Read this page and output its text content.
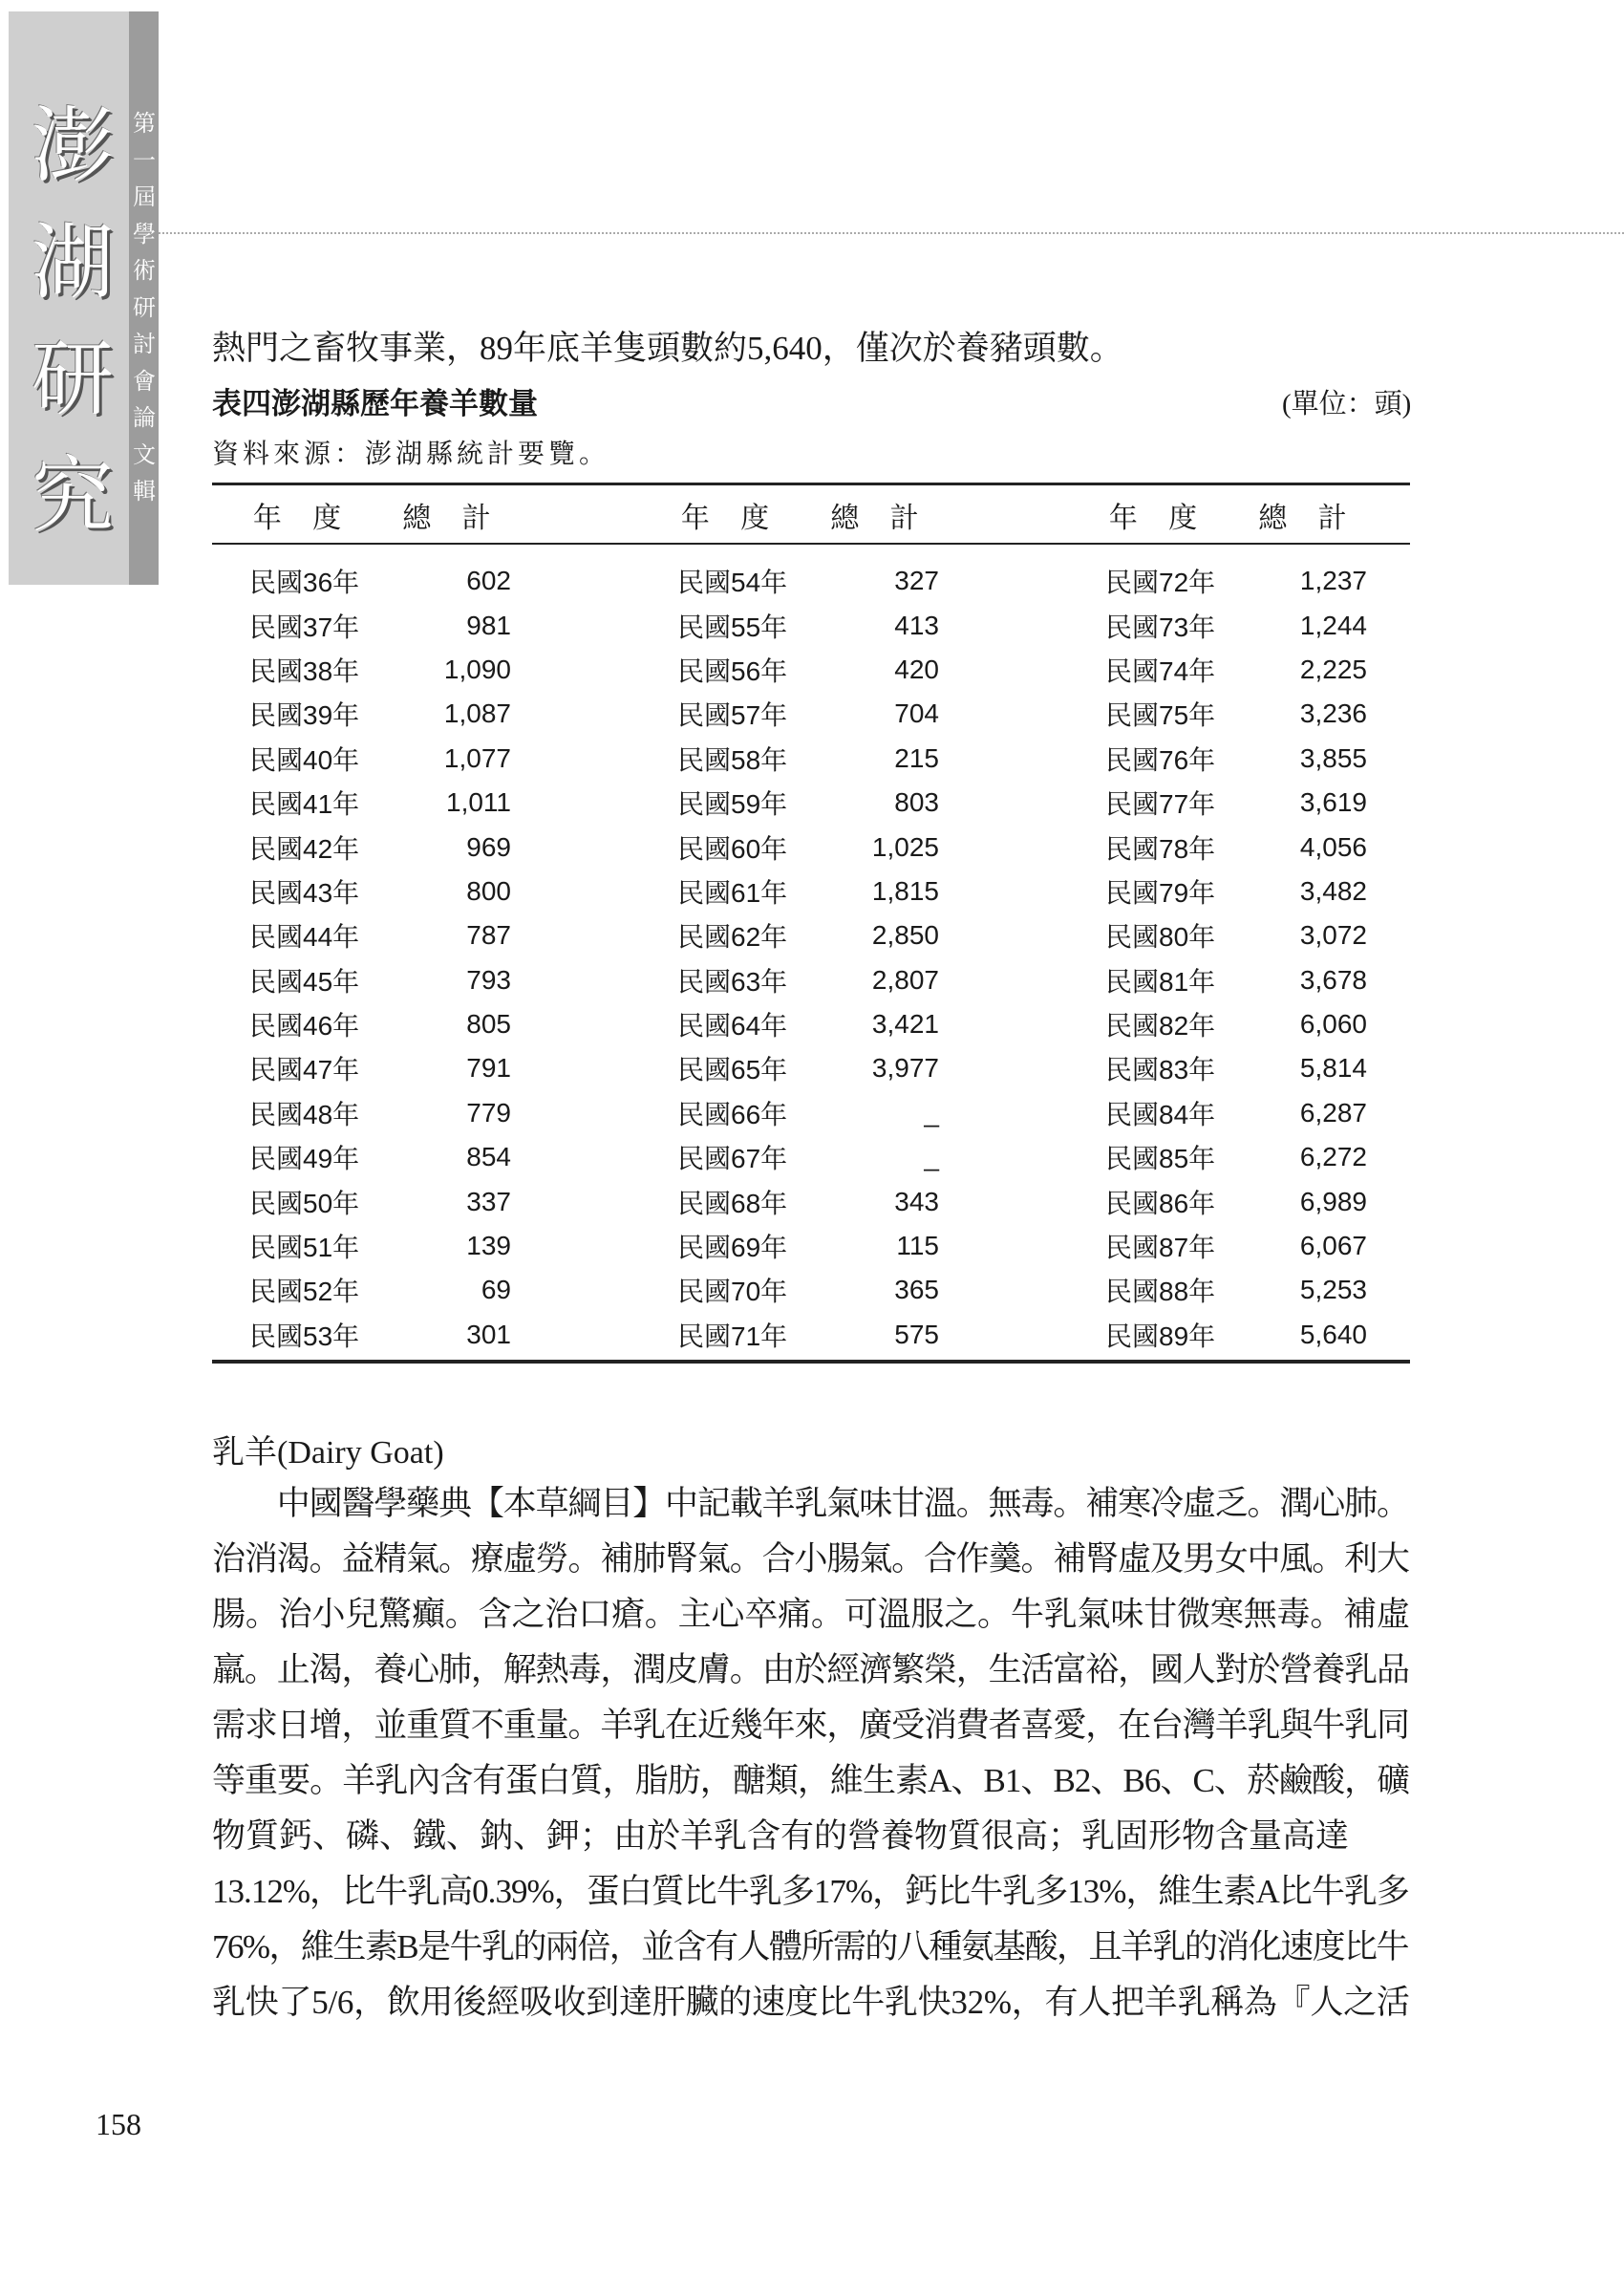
澎
湖
研
究
第
一
屆
學
術
研
討
會
論
文
輯
熱門之畜牧事業，89年底羊隻頭數約5,640，僅次於養豬頭數。
表四澎湖縣歷年養羊數量	(單位：頭)
資料來源：澎湖縣統計要覽。
年 度	總 計		年 度	總 計		年 度	總 計	
民國36年	602		民國54年	327		民國72年	1,237	
民國37年	981		民國55年	413		民國73年	1,244	
民國38年	1,090		民國56年	420		民國74年	2,225	
民國39年	1,087		民國57年	704		民國75年	3,236	
民國40年	1,077		民國58年	215		民國76年	3,855	
民國41年	1,011		民國59年	803		民國77年	3,619	
民國42年	969		民國60年	1,025		民國78年	4,056	
民國43年	800		民國61年	1,815		民國79年	3,482	
民國44年	787		民國62年	2,850		民國80年	3,072	
民國45年	793		民國63年	2,807		民國81年	3,678	
民國46年	805		民國64年	3,421		民國82年	6,060	
民國47年	791		民國65年	3,977		民國83年	5,814	
民國48年	779		民國66年	_		民國84年	6,287	
民國49年	854		民國67年	_		民國85年	6,272	
民國50年	337		民國68年	343		民國86年	6,989	
民國51年	139		民國69年	115		民國87年	6,067	
民國52年	69		民國70年	365		民國88年	5,253	
民國53年	301		民國71年	575		民國89年	5,640	
乳羊(Dairy Goat)
　　中國醫學藥典【本草綱目】中記載羊乳氣味甘溫。無毒。補寒冷虛乏。潤心肺。
治消渴。益精氣。療虛勞。補肺腎氣。合小腸氣。合作羹。補腎虛及男女中風。利大
腸。治小兒驚癲。含之治口瘡。主心卒痛。可溫服之。牛乳氣味甘微寒無毒。補虛
羸。止渴，養心肺，解熱毒，潤皮膚。由於經濟繁榮，生活富裕，國人對於營養乳品
需求日增，並重質不重量。羊乳在近幾年來，廣受消費者喜愛，在台灣羊乳與牛乳同
等重要。羊乳內含有蛋白質，脂肪，醣類，維生素A、B1、B2、B6、C、菸鹼酸，礦
物質鈣、磷、鐵、鈉、鉀；由於羊乳含有的營養物質很高；乳固形物含量高達
13.12%，比牛乳高0.39%，蛋白質比牛乳多17%，鈣比牛乳多13%，維生素A比牛乳多
76%，維生素B是牛乳的兩倍，並含有人體所需的八種氨基酸，且羊乳的消化速度比牛
乳快了5/6，飲用後經吸收到達肝臟的速度比牛乳快32%，有人把羊乳稱為『人之活
158
